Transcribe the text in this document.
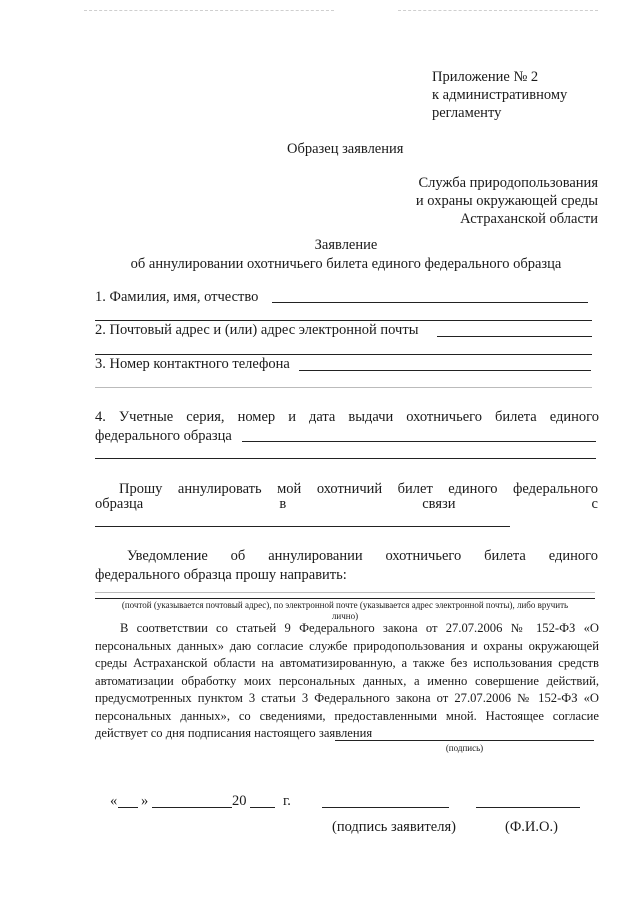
Приложение № 2
к административному
регламенту
Образец заявления
Служба природопользования
и охраны окружающей среды
Астраханской области
Заявление
об аннулировании охотничьего билета единого федерального образца
1. Фамилия, имя, отчество
2. Почтовый адрес и (или) адрес электронной почты
3. Номер контактного телефона
4. Учетные серия, номер и дата выдачи охотничьего билета единого
федерального образца
Прошу аннулировать мой охотничий билет единого федерального
образца	в	связи	с
Уведомление об аннулировании охотничьего билета единого
федерального образца прошу направить:
(почтой (указывается почтовый адрес), по электронной почте (указывается адрес электронной почты), либо вручить
лично)
В соответствии со статьей 9 Федерального закона от 27.07.2006 № 152-ФЗ «О
персональных данных» даю согласие службе природопользования и охраны окружающей
среды Астраханской области на автоматизированную, а также без использования средств
автоматизации обработку моих персональных данных, а именно совершение действий,
предусмотренных пунктом 3 статьи 3 Федерального закона от 27.07.2006 № 152-ФЗ «О
персональных данных», со сведениями, предоставленными мной. Настоящее согласие
действует со дня подписания настоящего заявления
(подпись)
« »	20	г.
(подпись заявителя)	(Ф.И.О.)
